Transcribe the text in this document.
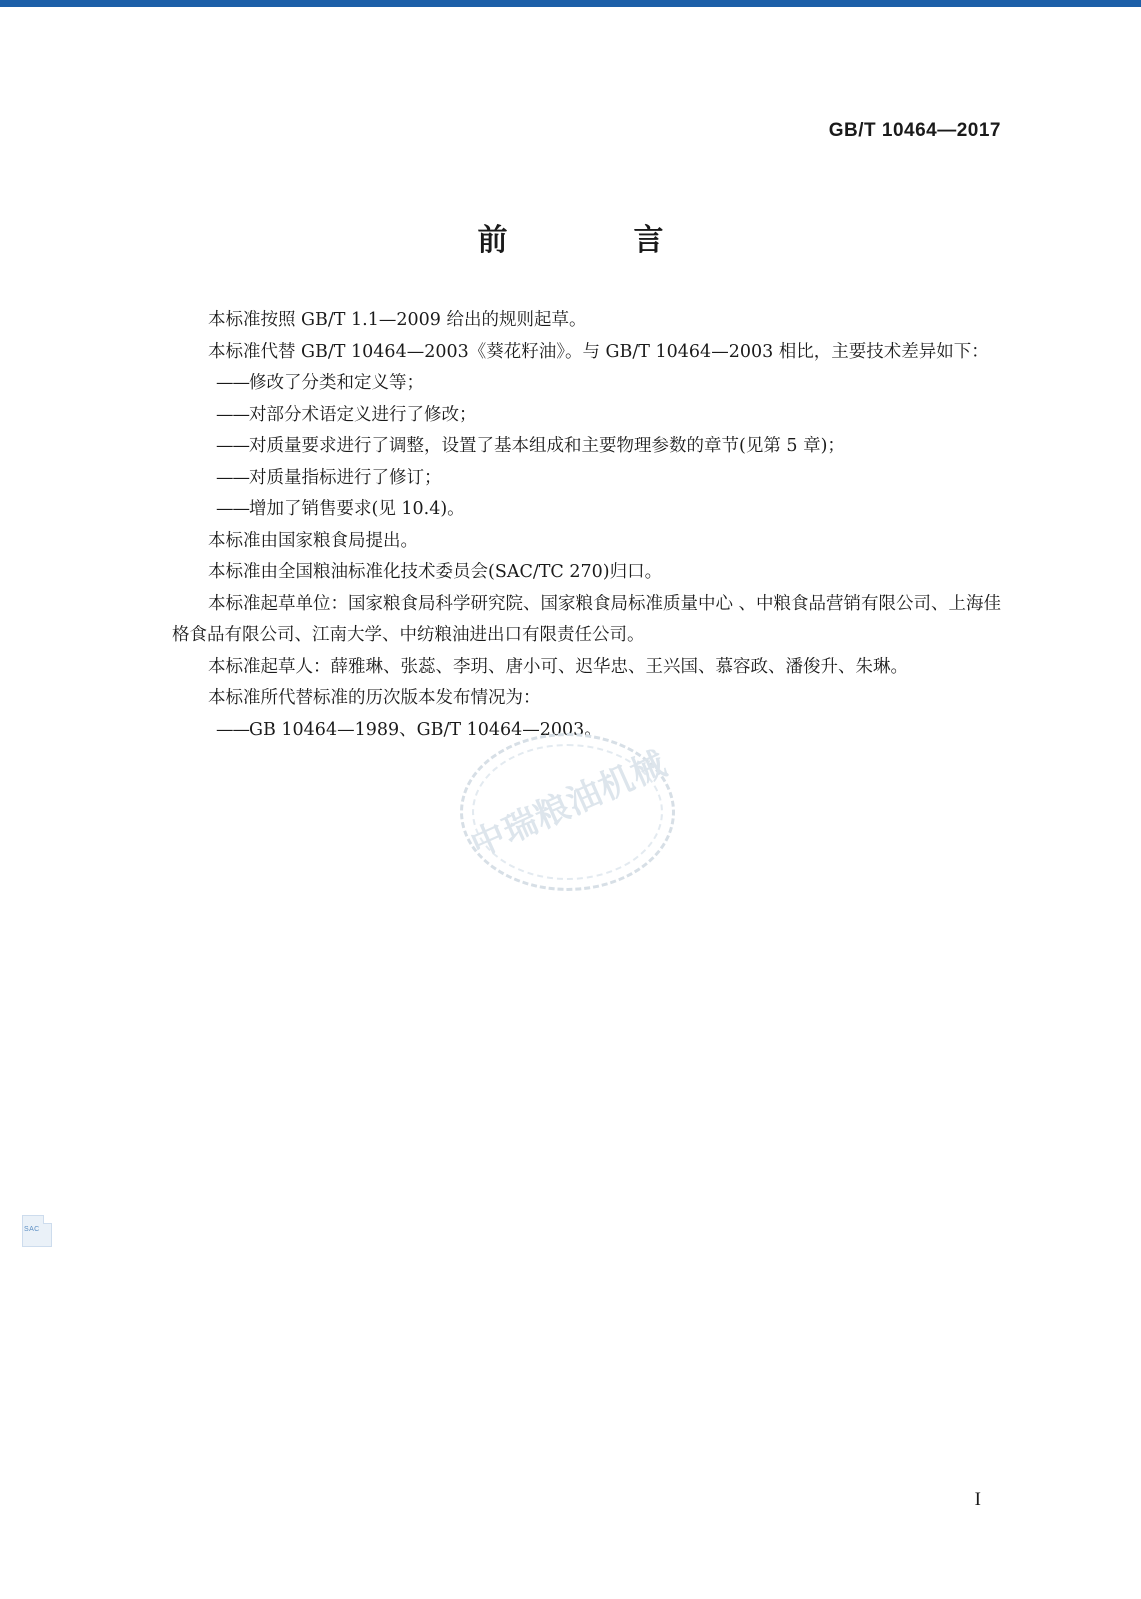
GB/T 10464—2017
前　　言

本标准按照 GB/T 1.1—2009 给出的规则起草。

本标准代替 GB/T 10464—2003《葵花籽油》。与 GB/T 10464—2003 相比，主要技术差异如下：

——修改了分类和定义等；

——对部分术语定义进行了修改；

——对质量要求进行了调整，设置了基本组成和主要物理参数的章节(见第 5 章)；

——对质量指标进行了修订；

——增加了销售要求(见 10.4)。

本标准由国家粮食局提出。

本标准由全国粮油标准化技术委员会(SAC/TC 270)归口。

本标准起草单位：国家粮食局科学研究院、国家粮食局标准质量中心 、中粮食品营销有限公司、上海佳格食品有限公司、江南大学、中纺粮油进出口有限责任公司。

本标准起草人：薛雅琳、张蕊、李玥、唐小可、迟华忠、王兴国、慕容政、潘俊升、朱琳。

本标准所代替标准的历次版本发布情况为：

——GB 10464—1989、GB/T 10464—2003。

中瑞粮油机械
SAC
I
